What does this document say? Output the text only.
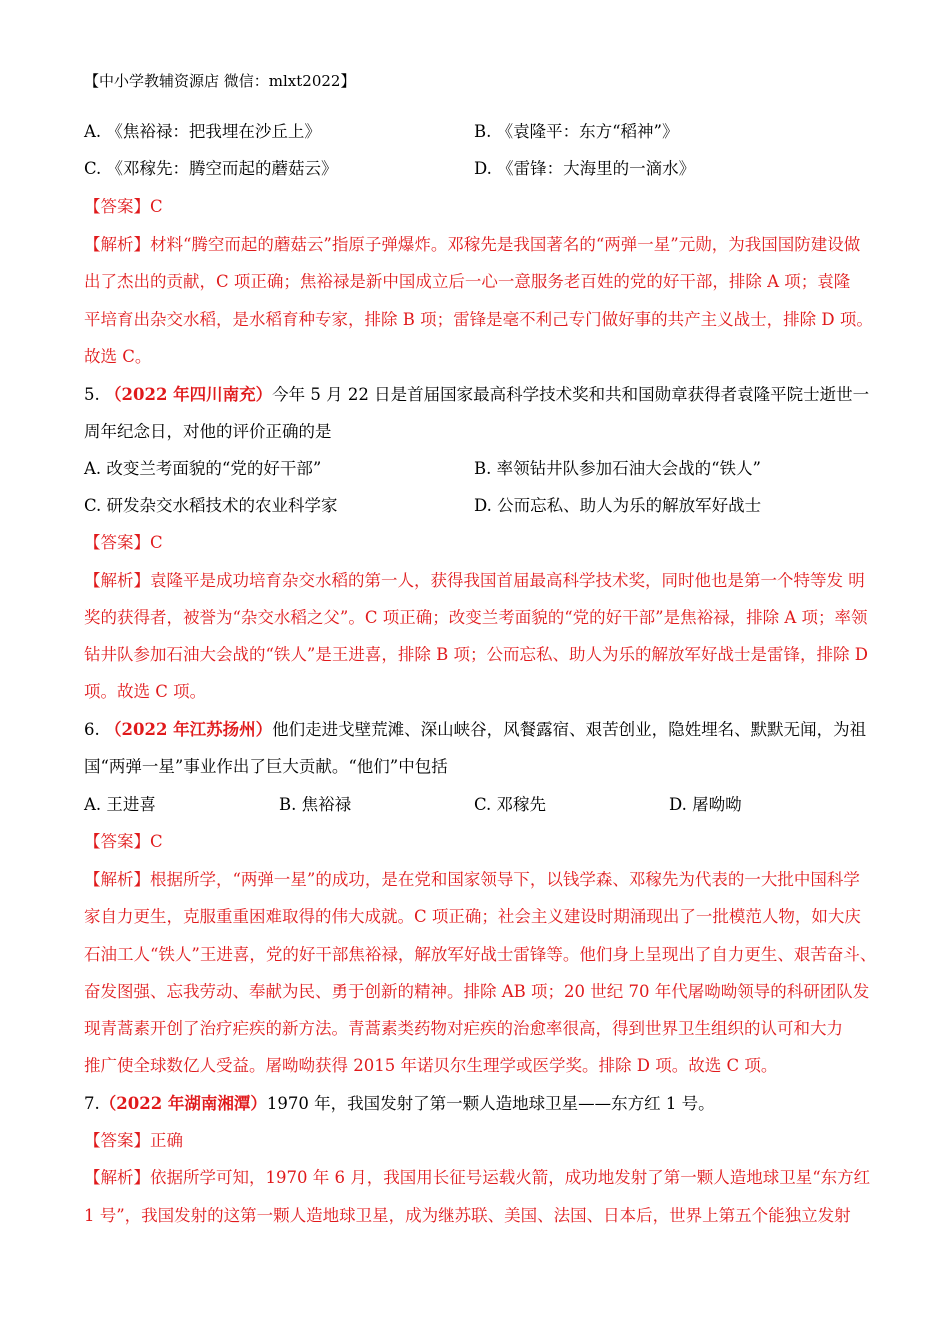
【中小学教辅资源店 微信：mlxt2022】
A. 《焦裕禄：把我埋在沙丘上》	B. 《袁隆平：东方“稻神”》
C. 《邓稼先：腾空而起的蘑菇云》	D. 《雷锋：大海里的一滴水》
【答案】C
【解析】材料“腾空而起的蘑菇云”指原子弹爆炸。邓稼先是我国著名的“两弹一星”元勋，为我国国防建设做
出了杰出的贡献，C 项正确；焦裕禄是新中国成立后一心一意服务老百姓的党的好干部，排除 A 项；袁隆
平培育出杂交水稻，是水稻育种专家，排除 B 项；雷锋是毫不利己专门做好事的共产主义战士，排除 D 项。
故选 C。
5. （2022 年四川南充）今年 5 月 22 日是首届国家最高科学技术奖和共和国勋章获得者袁隆平院士逝世一
周年纪念日，对他的评价正确的是
A. 改变兰考面貌的“党的好干部”	B. 率领钻井队参加石油大会战的“铁人”
C. 研发杂交水稻技术的农业科学家	D. 公而忘私、助人为乐的解放军好战士
【答案】C
【解析】袁隆平是成功培育杂交水稻的第一人，获得我国首届最高科学技术奖，同时他也是第一个特等发 明
奖的获得者，被誉为“杂交水稻之父”。C 项正确；改变兰考面貌的“党的好干部”是焦裕禄，排除 A 项；率领
钻井队参加石油大会战的“铁人”是王进喜，排除 B 项；公而忘私、助人为乐的解放军好战士是雷锋，排除 D
项。故选 C 项。
6. （2022 年江苏扬州）他们走进戈壁荒滩、深山峡谷，风餐露宿、艰苦创业，隐姓埋名、默默无闻，为祖
国“两弹一星”事业作出了巨大贡献。“他们”中包括
A. 王进喜	B. 焦裕禄	C. 邓稼先	D. 屠呦呦
【答案】C
【解析】根据所学，“两弹一星”的成功，是在党和国家领导下，以钱学森、邓稼先为代表的一大批中国科学
家自力更生，克服重重困难取得的伟大成就。C 项正确；社会主义建设时期涌现出了一批模范人物，如大庆
石油工人“铁人”王进喜，党的好干部焦裕禄，解放军好战士雷锋等。他们身上呈现出了自力更生、艰苦奋斗、
奋发图强、忘我劳动、奉献为民、勇于创新的精神。排除 AB 项；20 世纪 70 年代屠呦呦领导的科研团队发
现青蒿素开创了治疗疟疾的新方法。青蒿素类药物对疟疾的治愈率很高，得到世界卫生组织的认可和大力
推广使全球数亿人受益。屠呦呦获得 2015 年诺贝尔生理学或医学奖。排除 D 项。故选 C 项。
7.（2022 年湖南湘潭）1970 年，我国发射了第一颗人造地球卫星——东方红 1 号。
【答案】正确
【解析】依据所学可知，1970 年 6 月，我国用长征号运载火箭，成功地发射了第一颗人造地球卫星“东方红
1 号”，我国发射的这第一颗人造地球卫星，成为继苏联、美国、法国、日本后，世界上第五个能独立发射
